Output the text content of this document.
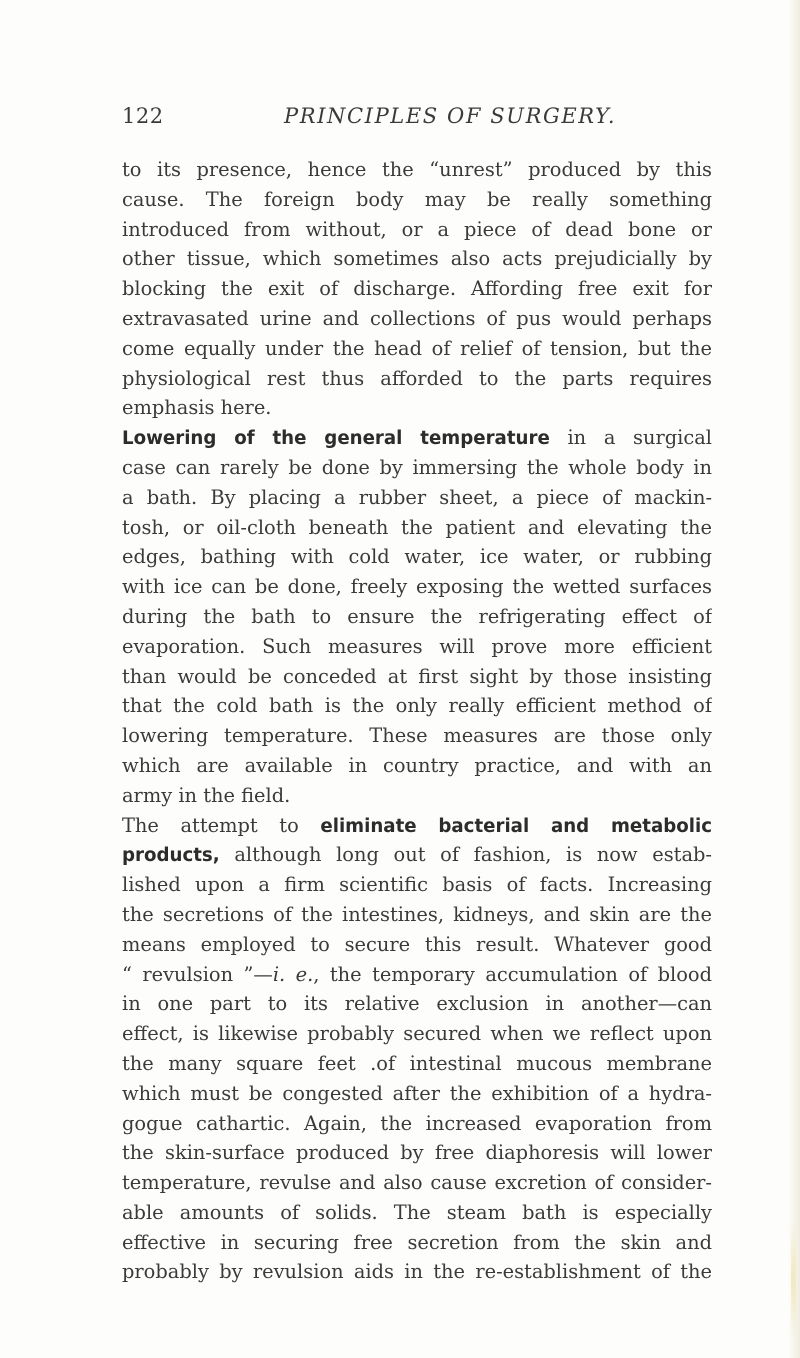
122	PRINCIPLES OF SURGERY.
to its presence, hence the “unrest” produced by this
cause. The foreign body may be really something
introduced from without, or a piece of dead bone or
other tissue, which sometimes also acts prejudicially by
blocking the exit of discharge. Affording free exit for
extravasated urine and collections of pus would perhaps
come equally under the head of relief of tension, but the
physiological rest thus afforded to the parts requires
emphasis here.
Lowering of the general temperature in a surgical
case can rarely be done by immersing the whole body in
a bath. By placing a rubber sheet, a piece of mackin-
tosh, or oil-cloth beneath the patient and elevating the
edges, bathing with cold water, ice water, or rubbing
with ice can be done, freely exposing the wetted surfaces
during the bath to ensure the refrigerating effect of
evaporation. Such measures will prove more efficient
than would be conceded at first sight by those insisting
that the cold bath is the only really efficient method of
lowering temperature. These measures are those only
which are available in country practice, and with an
army in the field.
The attempt to eliminate bacterial and metabolic
products, although long out of fashion, is now estab-
lished upon a firm scientific basis of facts. Increasing
the secretions of the intestines, kidneys, and skin are the
means employed to secure this result. Whatever good
“ revulsion ”—i. e., the temporary accumulation of blood
in one part to its relative exclusion in another—can
effect, is likewise probably secured when we reflect upon
the many square feet .of intestinal mucous membrane
which must be congested after the exhibition of a hydra-
gogue cathartic. Again, the increased evaporation from
the skin-surface produced by free diaphoresis will lower
temperature, revulse and also cause excretion of consider-
able amounts of solids. The steam bath is especially
effective in securing free secretion from the skin and
probably by revulsion aids in the re-establishment of the
